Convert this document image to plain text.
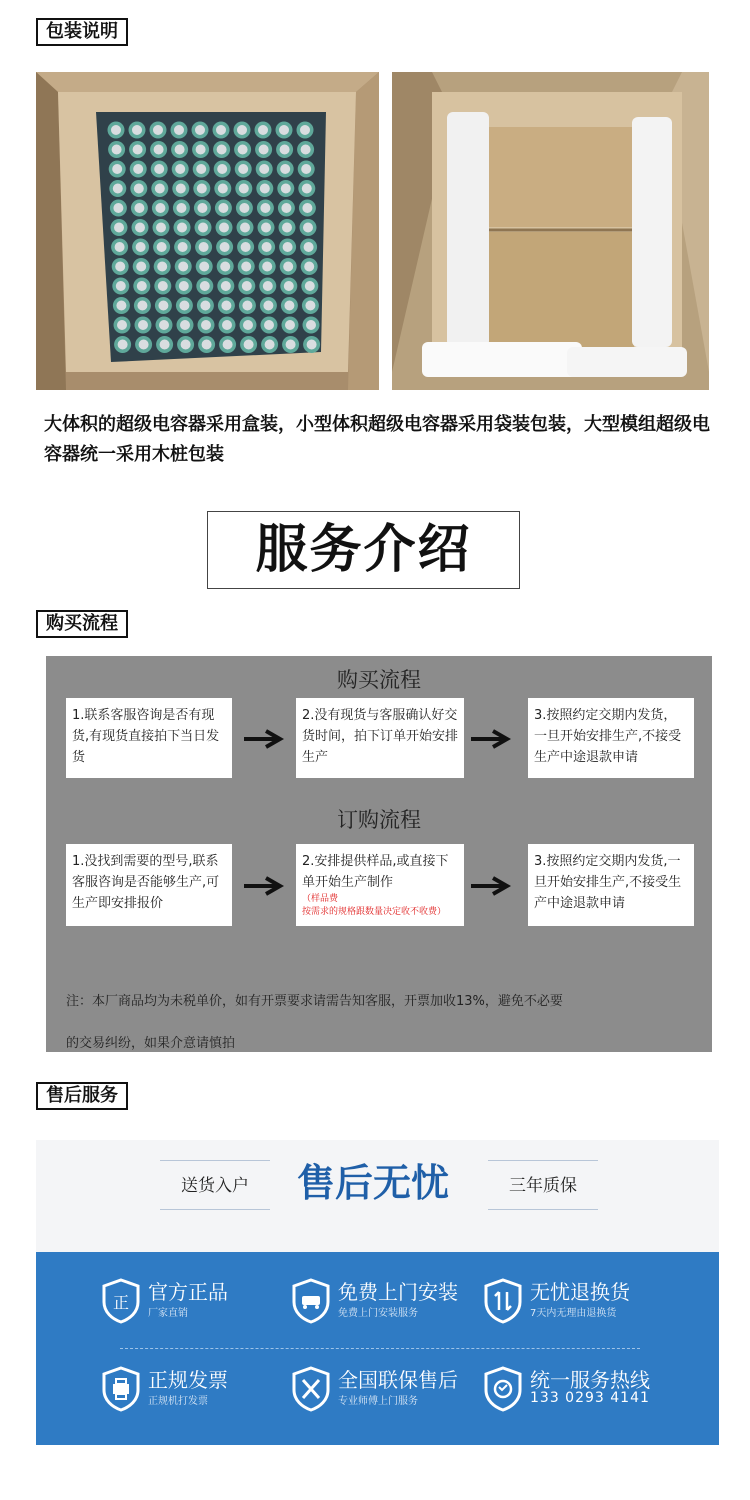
包装说明
大体积的超级电容器采用盒装，小型体积超级电容器采用袋装包装，大型模组超级电容器统一采用木桩包装
服务介绍
购买流程
购买流程
1.联系客服咨询是否有现货,有现货直接拍下当日发货
2.没有现货与客服确认好交货时间，拍下订单开始安排生产
3.按照约定交期内发货，一旦开始安排生产,不接受生产中途退款申请
订购流程
1.没找到需要的型号,联系客服咨询是否能够生产,可生产即安排报价
2.安排提供样品,或直接下单开始生产制作
（样品费
按需求的规格跟数量决定收不收费）
3.按照约定交期内发货,一旦开始安排生产,不接受生产中途退款申请
注：本厂商品均为未税单价，如有开票要求请需告知客服，开票加收13%，避免不必要
的交易纠纷，如果介意请慎拍
售后服务
送货入户	售后无忧	三年质保
正 官方正品
厂家直销
免费上门安装
免费上门安装服务
无忧退换货
7天内无理由退换货
正规发票
正规机打发票
全国联保售后
专业师傅上门服务
统一服务热线
133 0293 4141
